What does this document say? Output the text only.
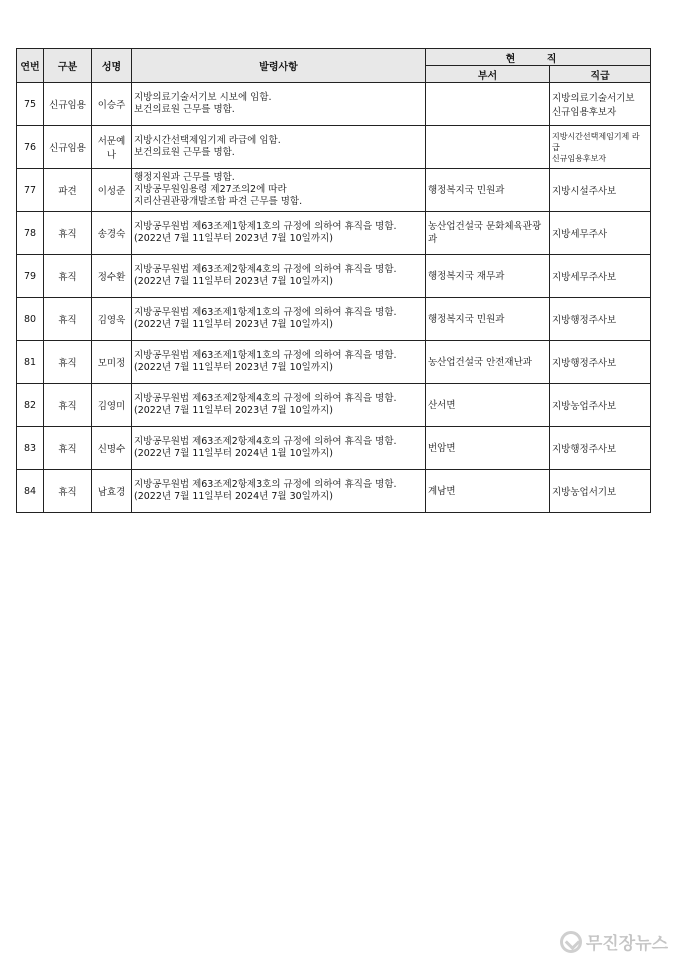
연번	구분	성명	발령사항	현 직	
				부서	직급
75	신규임용	이승주	지방의료기술서기보 시보에 임함.
보건의료원 근무를 명함.		지방의료기술서기보
신규임용후보자

76	신규임용	서문예나	지방시간선택제임기제 라급에 임함.
보건의료원 근무를 명함.		지방시간선택제임기제 라
급
신규임용후보자

77	파견	이성준	행정지원과 근무를 명함.
지방공무원임용령 제27조의2에 따라
지리산권관광개발조합 파견 근무를 명함.	행정복지국 민원과	지방시설주사보

78	휴직	송경숙	지방공무원법 제63조제1항제1호의 규정에 의하여 휴직을 명함.
(2022년 7월 11일부터 2023년 7월 10일까지)	농산업건설국 문화체육관광과	지방세무주사

79	휴직	정수환	지방공무원법 제63조제2항제4호의 규정에 의하여 휴직을 명함.
(2022년 7월 11일부터 2023년 7월 10일까지)	행정복지국 재무과	지방세무주사보

80	휴직	김영욱	지방공무원법 제63조제1항제1호의 규정에 의하여 휴직을 명함.
(2022년 7월 11일부터 2023년 7월 10일까지)	행정복지국 민원과	지방행정주사보

81	휴직	모미정	지방공무원법 제63조제1항제1호의 규정에 의하여 휴직을 명함.
(2022년 7월 11일부터 2023년 7월 10일까지)	농산업건설국 안전재난과	지방행정주사보

82	휴직	김영미	지방공무원법 제63조제2항제4호의 규정에 의하여 휴직을 명함.
(2022년 7월 11일부터 2023년 7월 10일까지)	산서면	지방농업주사보

83	휴직	신명수	지방공무원법 제63조제2항제4호의 규정에 의하여 휴직을 명함.
(2022년 7월 11일부터 2024년 1월 10일까지)	번암면	지방행정주사보

84	휴직	남효경	지방공무원법 제63조제2항제3호의 규정에 의하여 휴직을 명함.
(2022년 7월 11일부터 2024년 7월 30일까지)	계남면	지방농업서기보
무진장뉴스
